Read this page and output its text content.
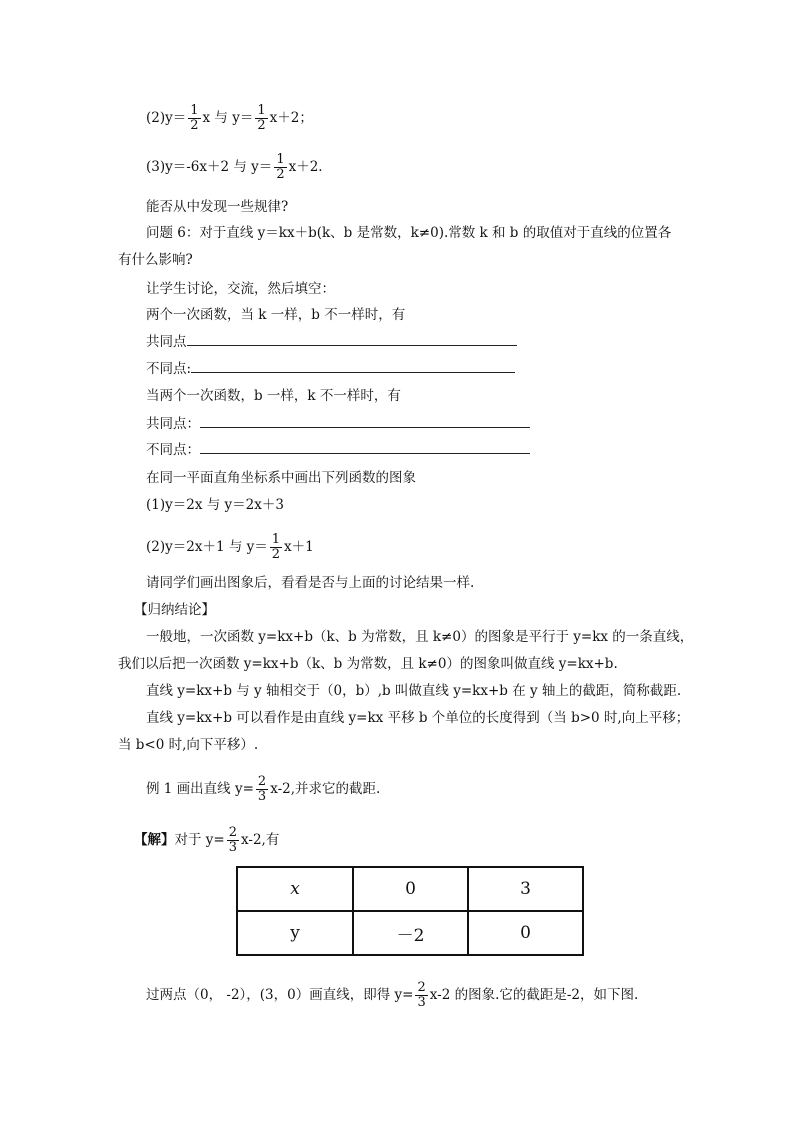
$(2)y= \frac{1}{2}$ x 与 $y= \frac{1}{2} x+2$；
(3)y＝-6x＋2 与 $y= \frac{1}{2} x+2$.
能否从中发现一些规律?
问题 6：对于直线 y＝kx＋b(k、b 是常数，k≠0).常数 k 和 b 的取值对于直线的位置各
有什么影响?
让学生讨论，交流，然后填空：
两个一次函数，当 k 一样，b 不一样时，有
共同点
不同点:
当两个一次函数，b 一样，k 不一样时，有
共同点：
不同点：
在同一平面直角坐标系中画出下列函数的图象
(1)y＝2x 与 y＝2x＋3
(2)y＝2x＋1 与 $y= \frac{1}{2} x+1$
请同学们画出图象后，看看是否与上面的讨论结果一样.
【归纳结论】
一般地，一次函数 y=kx+b（k、b 为常数，且 k≠0）的图象是平行于 y=kx 的一条直线，
我们以后把一次函数 y=kx+b（k、b 为常数，且 k≠0）的图象叫做直线 y=kx+b.
直线 y=kx+b 与 y 轴相交于（0，b）,b 叫做直线 y=kx+b 在 y 轴上的截距，简称截距.
直线 y=kx+b 可以看作是由直线 y=kx 平移 b 个单位的长度得到（当 b>0 时,向上平移；
当 b<0 时,向下平移）.
例 1 画出直线 $y= \frac{2}{3} x-2$,并求它的截距.
【解】对于 $y= \frac{2}{3} x-2$,有
x	0	3
y	－2	0
过两点（0， -2），(3，0）画直线，即得 $y= \frac{2}{3} x-2$ 的图象.它的截距是-2，如下图.
